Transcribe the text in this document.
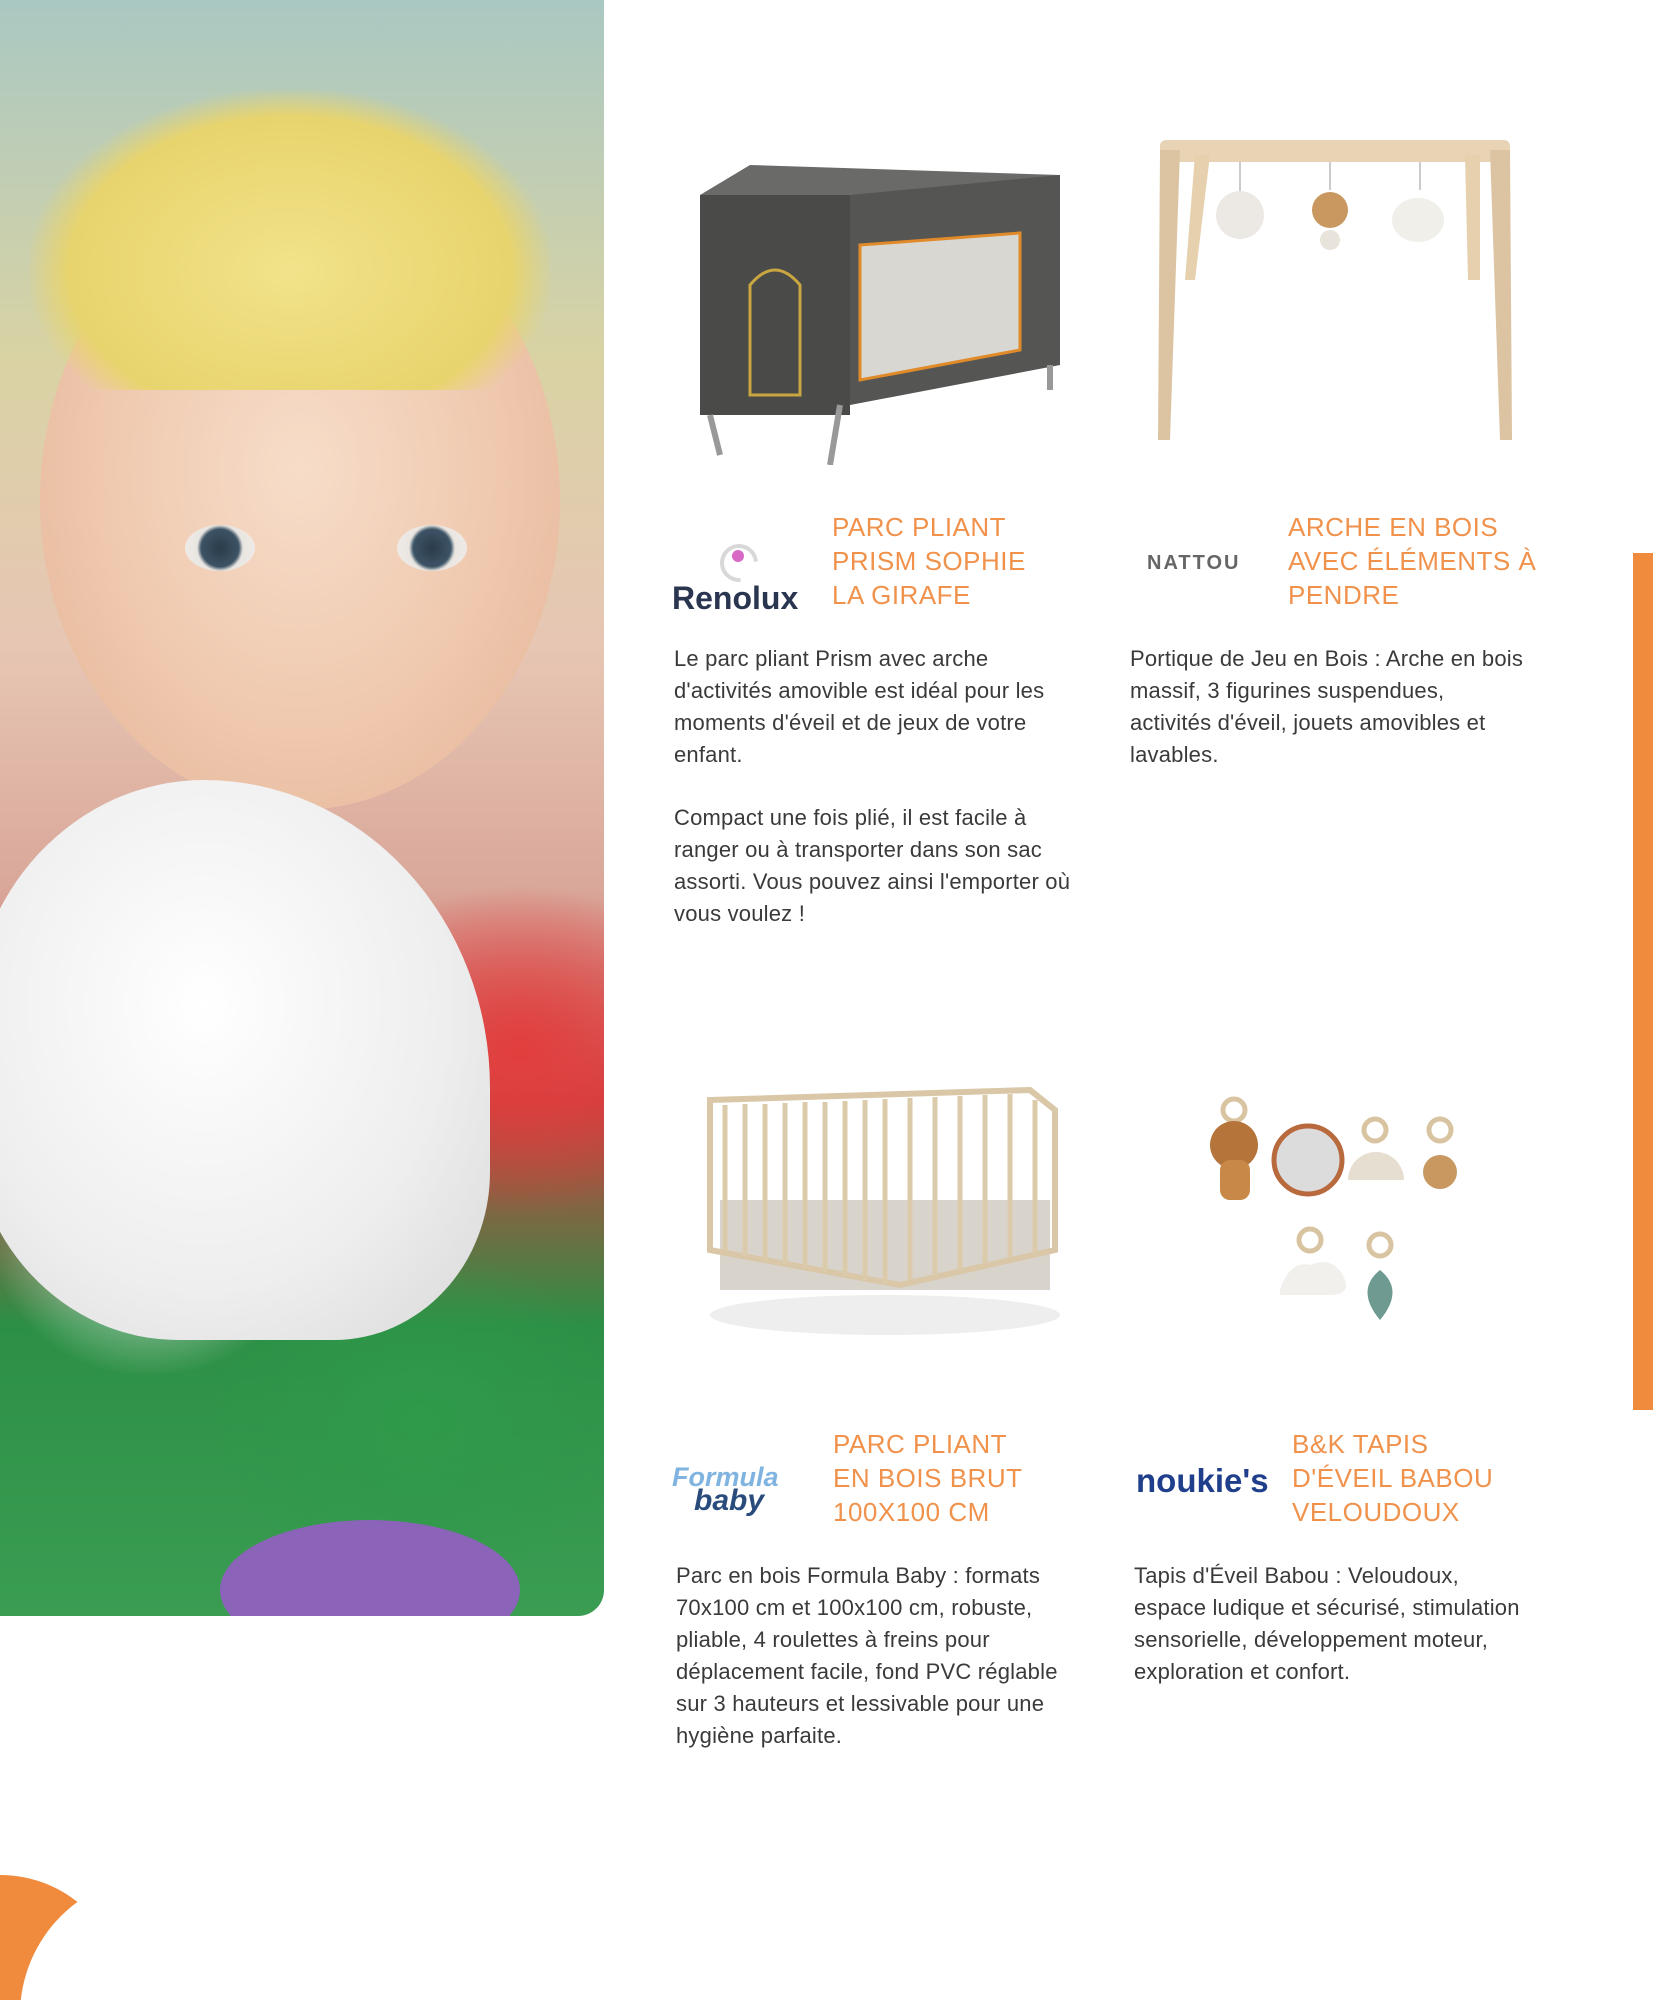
Renolux
PARC PLIANT
PRISM SOPHIE
LA GIRAFE

Le parc pliant Prism avec arche d'activités amovible est idéal pour les moments d'éveil et de jeux de votre enfant.

Compact une fois plié, il est facile à ranger ou à transporter dans son sac assorti. Vous pouvez ainsi l'emporter où vous voulez !

NATTOU
ARCHE EN BOIS
AVEC ÉLÉMENTS À
PENDRE

Portique de Jeu en Bois : Arche en bois massif, 3 figurines suspendues, activités d'éveil, jouets amovibles et lavables.

Formula
baby
PARC PLIANT
EN BOIS BRUT
100X100 CM

Parc en bois Formula Baby : formats 70x100 cm et 100x100 cm, robuste, pliable, 4 roulettes à freins pour déplacement facile, fond PVC réglable sur 3 hauteurs et lessivable pour une hygiène parfaite.

noukie's
B&K TAPIS
D'ÉVEIL BABOU
VELOUDOUX

Tapis d'Éveil Babou : Veloudoux, espace ludique et sécurisé, stimulation sensorielle, développement moteur, exploration et confort.
